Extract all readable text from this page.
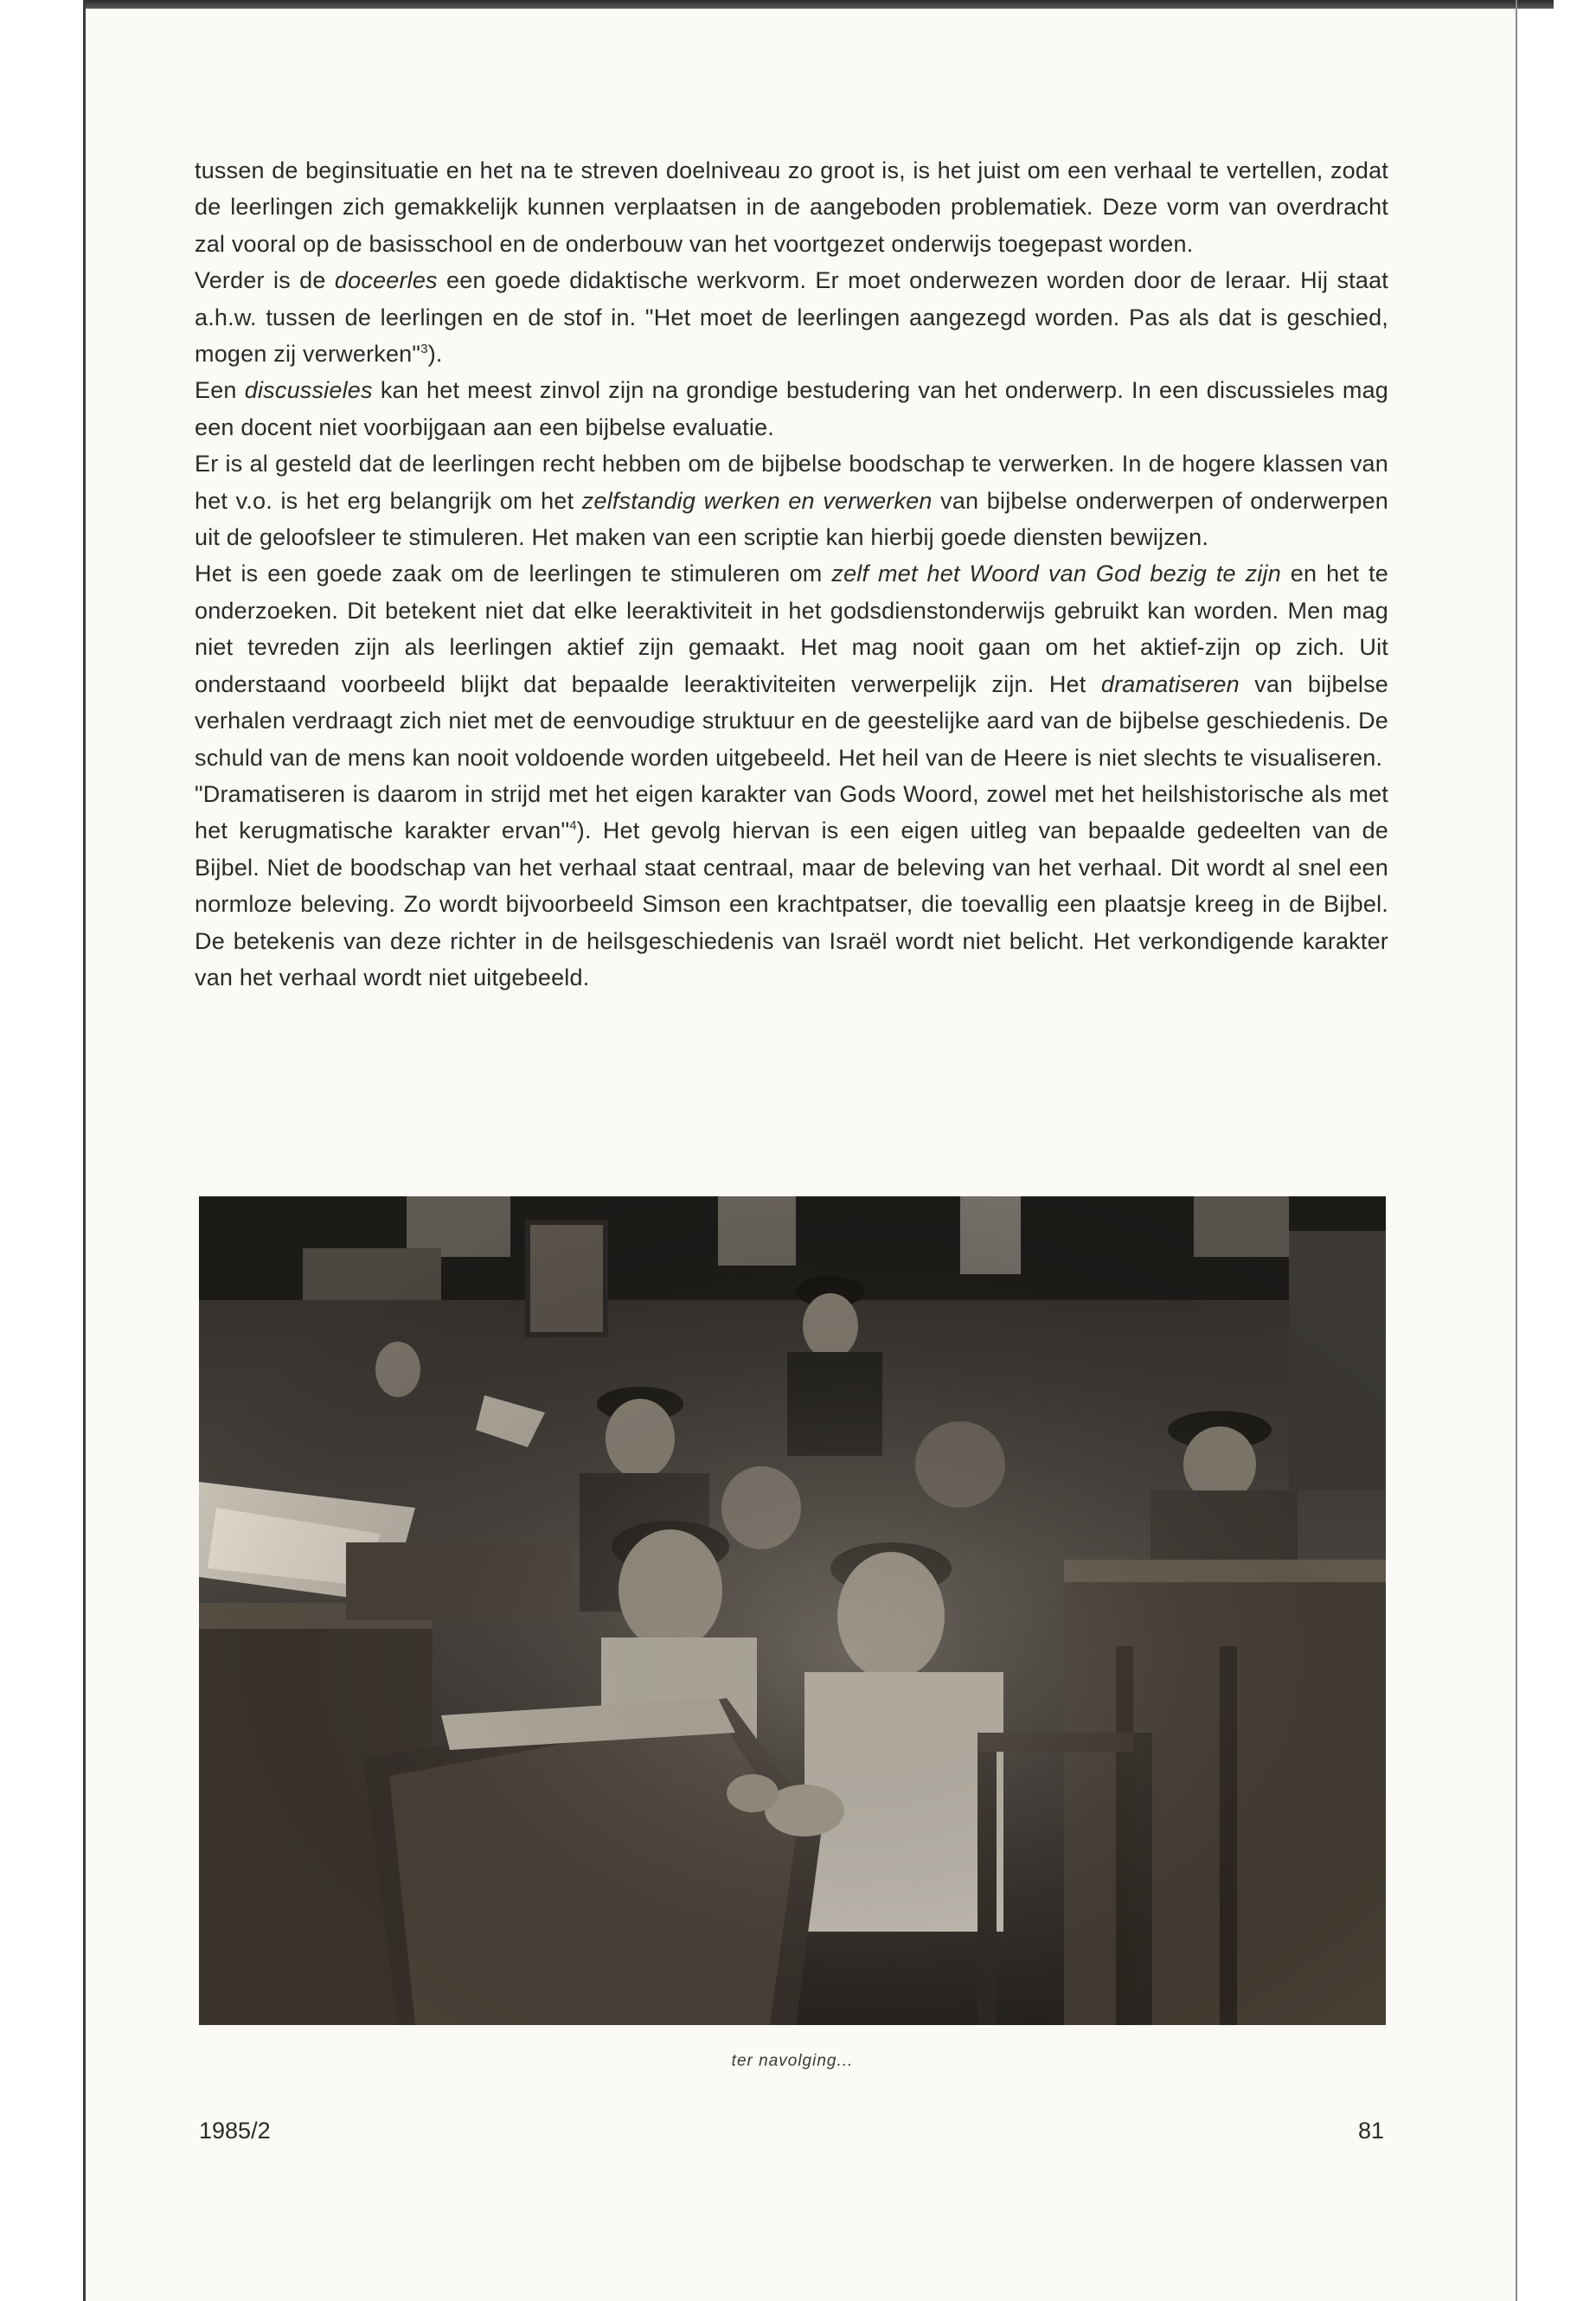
tussen de beginsituatie en het na te streven doelniveau zo groot is, is het juist om een verhaal te vertellen, zodat de leerlingen zich gemakkelijk kunnen verplaatsen in de aangeboden problematiek. Deze vorm van overdracht zal vooral op de basisschool en de onderbouw van het voortgezet onderwijs toegepast worden.

Verder is de doceerles een goede didaktische werkvorm. Er moet onderwezen worden door de leraar. Hij staat a.h.w. tussen de leerlingen en de stof in. "Het moet de leerlingen aangezegd worden. Pas als dat is geschied, mogen zij verwerken"$^3$).

Een discussieles kan het meest zinvol zijn na grondige bestudering van het onderwerp. In een discussieles mag een docent niet voorbijgaan aan een bijbelse evaluatie.

Er is al gesteld dat de leerlingen recht hebben om de bijbelse boodschap te verwerken. In de hogere klassen van het v.o. is het erg belangrijk om het zelfstandig werken en verwerken van bijbelse onderwerpen of onderwerpen uit de geloofsleer te stimuleren. Het maken van een scriptie kan hierbij goede diensten bewijzen.

Het is een goede zaak om de leerlingen te stimuleren om zelf met het Woord van God bezig te zijn en het te onderzoeken. Dit betekent niet dat elke leeraktiviteit in het godsdienstonderwijs gebruikt kan worden. Men mag niet tevreden zijn als leerlingen aktief zijn gemaakt. Het mag nooit gaan om het aktief-zijn op zich. Uit onderstaand voorbeeld blijkt dat bepaalde leeraktiviteiten verwerpelijk zijn. Het dramatiseren van bijbelse verhalen verdraagt zich niet met de eenvoudige struktuur en de geestelijke aard van de bijbelse geschiedenis. De schuld van de mens kan nooit voldoende worden uitgebeeld. Het heil van de Heere is niet slechts te visualiseren.

"Dramatiseren is daarom in strijd met het eigen karakter van Gods Woord, zowel met het heilshistorische als met het kerugmatische karakter ervan"$^4$). Het gevolg hiervan is een eigen uitleg van bepaalde gedeelten van de Bijbel. Niet de boodschap van het verhaal staat centraal, maar de beleving van het verhaal. Dit wordt al snel een normloze beleving. Zo wordt bijvoorbeeld Simson een krachtpatser, die toevallig een plaatsje kreeg in de Bijbel. De betekenis van deze richter in de heilsgeschiedenis van Israël wordt niet belicht. Het verkondigende karakter van het verhaal wordt niet uitgebeeld.

ter navolging...
1985/2	81
